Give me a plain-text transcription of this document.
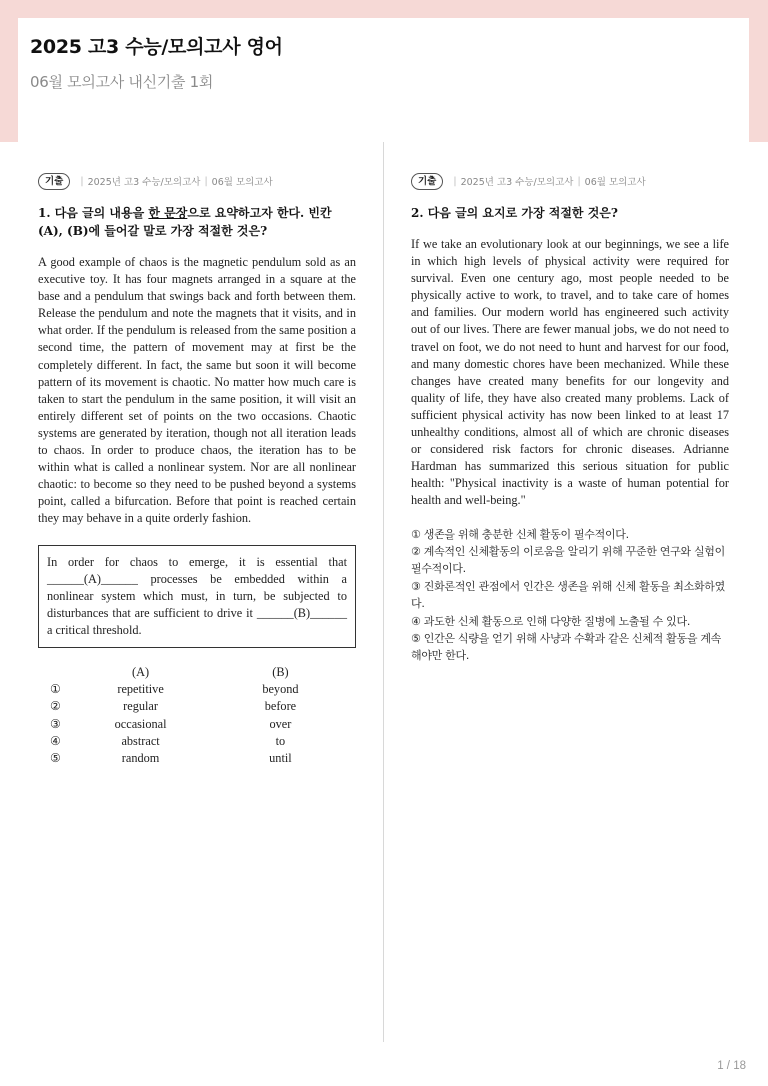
2025 고3 수능/모의고사 영어
06월 모의고사 내신기출 1회
기출	| 2025년 고3 수능/모의고사 | 06월 모의고사
1. 다음 글의 내용을 한 문장으로 요약하고자 한다. 빈칸 (A), (B)에 들어갈 말로 가장 적절한 것은?
A good example of chaos is the magnetic pendulum sold as an executive toy. It has four magnets arranged in a square at the base and a pendulum that swings back and forth between them. Release the pendulum and note the magnets that it visits, and in what order. If the pendulum is released from the same position a second time, the pattern of movement may at first be the completely different. In fact, the same but soon it will become pattern of its movement is chaotic. No matter how much care is taken to start the pendulum in the same position, it will visit an entirely different set of points on the two occasions. Chaotic systems are generated by iteration, though not all iteration leads to chaos. In order to produce chaos, the iteration has to be within what is called a nonlinear system. Nor are all nonlinear chaotic: to become so they need to be pushed beyond a systems point, called a bifurcation. Before that point is reached certain they may behave in a quite orderly fashion.
In order for chaos to emerge, it is essential that ______(A)______ processes be embedded within a nonlinear system which must, in turn, be subjected to disturbances that are sufficient to drive it ______(B)______ a critical threshold.
(A)	(B)
①	repetitive	beyond
②	regular	before
③	occasional	over
④	abstract	to
⑤	random	until
기출	| 2025년 고3 수능/모의고사 | 06월 모의고사
2. 다음 글의 요지로 가장 적절한 것은?
If we take an evolutionary look at our beginnings, we see a life in which high levels of physical activity were required for survival. Even one century ago, most people needed to be physically active to work, to travel, and to take care of homes and families. Our modern world has engineered such activity out of our lives. There are fewer manual jobs, we do not need to travel on foot, we do not need to hunt and harvest for our food, and many domestic chores have been mechanized. While these changes have created many benefits for our longevity and quality of life, they have also created many problems. Lack of sufficient physical activity has now been linked to at least 17 unhealthy conditions, almost all of which are chronic diseases or considered risk factors for chronic diseases. Adrianne Hardman has summarized this serious situation for public health: "Physical inactivity is a waste of human potential for health and well-being."

① 생존을 위해 충분한 신체 활동이 필수적이다.

② 계속적인 신체활동의 이로움을 알리기 위해 꾸준한 연구와 실험이 필수적이다.

③ 진화론적인 관점에서 인간은 생존을 위해 신체 활동을 최소화하였다.

④ 과도한 신체 활동으로 인해 다양한 질병에 노출될 수 있다.

⑤ 인간은 식량을 얻기 위해 사냥과 수확과 같은 신체적 활동을 계속해야만 한다.

1 / 18
